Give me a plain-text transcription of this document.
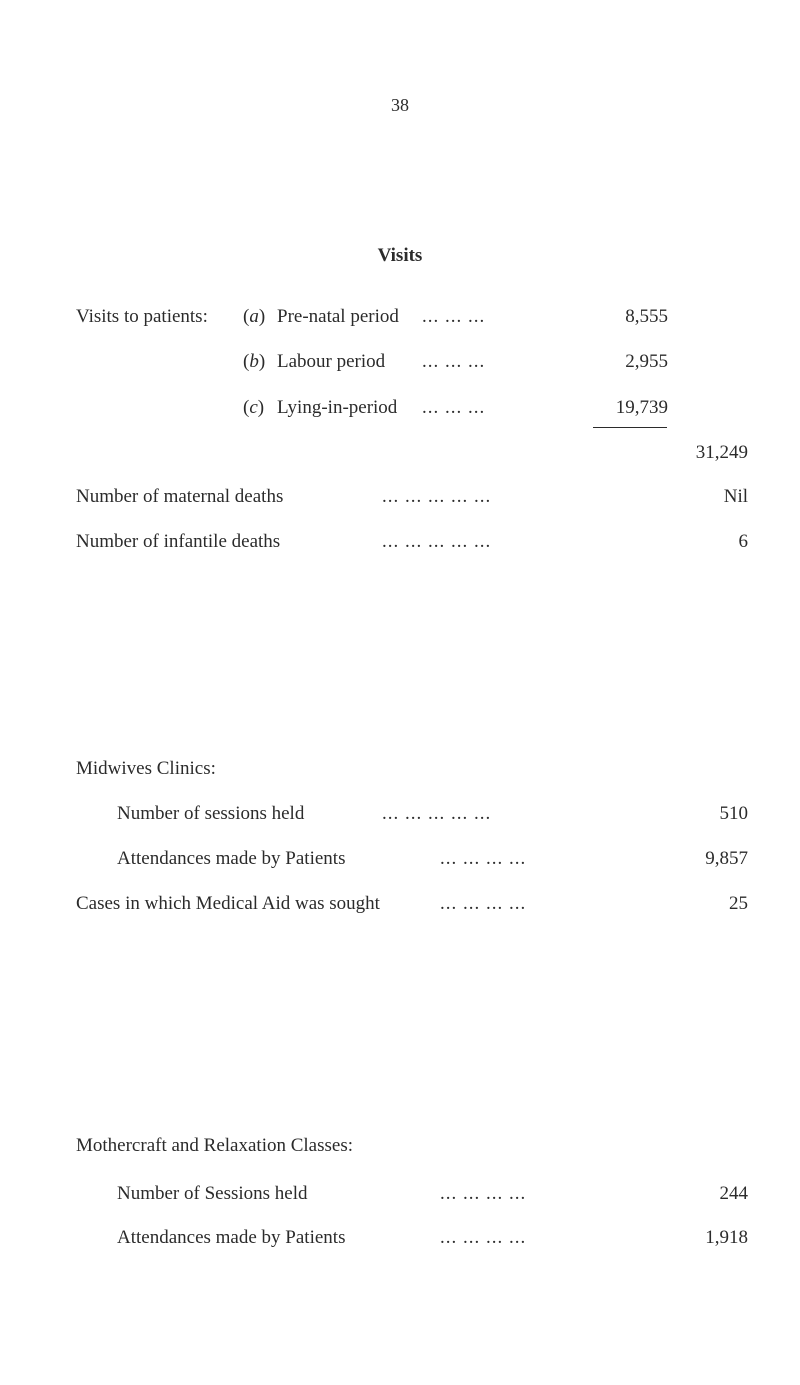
38
Visits
Visits to patients: (a) Pre-natal period ... ... ...	8,555
(b) Labour period ... ... ...	2,955
(c) Lying-in-period ... ... ...	19,739
31,249
Number of maternal deaths	... ... ... ... ...	Nil
Number of infantile deaths	... ... ... ... ...	6
Midwives Clinics:
Number of sessions held	... ... ... ... ...	510
Attendances made by Patients	... ... ... ...	9,857
Cases in which Medical Aid was sought	... ... ... ...	25
Mothercraft and Relaxation Classes:
Number of Sessions held	... ... ... ...	244
Attendances made by Patients	... ... ... ...	1,918
